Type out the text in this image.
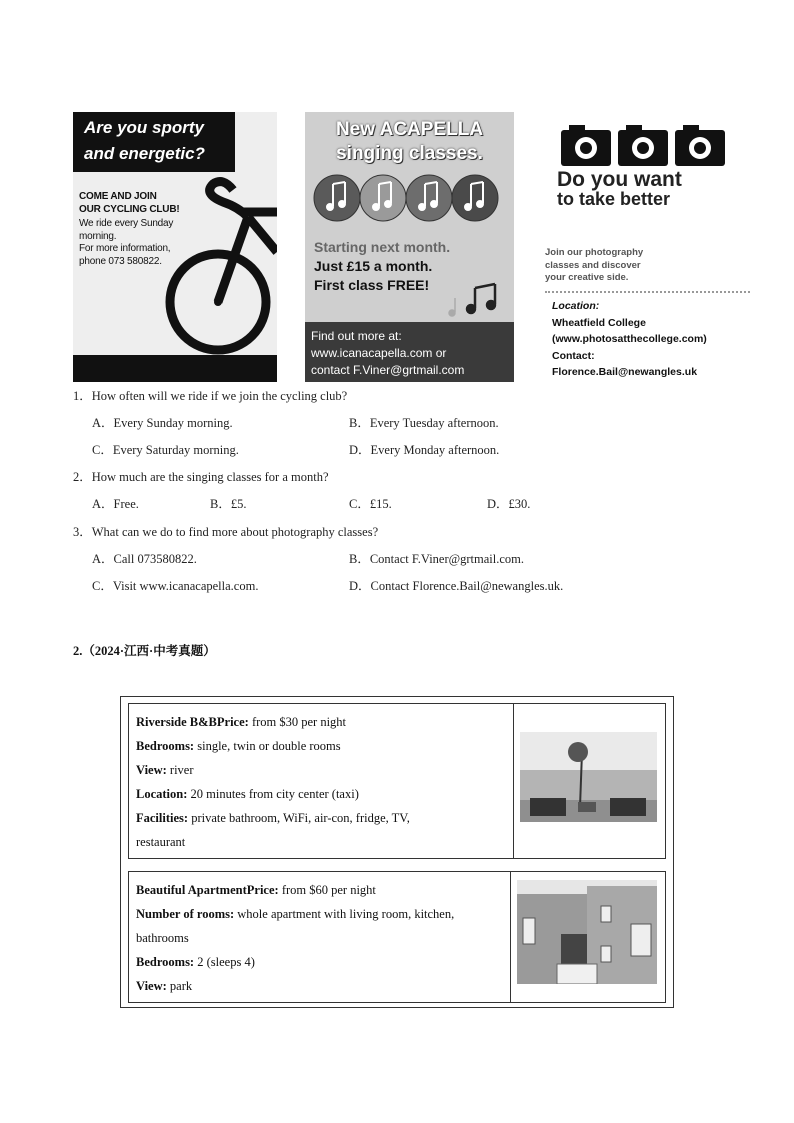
Are you sporty
and energetic?
COME AND JOIN
OUR CYCLING CLUB!
We ride every Sunday
morning.
For more information,
phone 073 580822.
New ACAPELLA
singing classes.
Starting next month.
Just £15 a month.
First class FREE!
Find out more at:
www.icanacapella.com or
contact F.Viner@grtmail.com
Do you want
to take better
Join our photography
classes and discover
your creative side.
Location:
Wheatfield College
(www.photosatthecollege.com)
Contact:
Florence.Bail@newangles.uk
1．How often will we ride if we join the cycling club?
A．Every Sunday morning.	B．Every Tuesday afternoon.
C．Every Saturday morning.	D．Every Monday afternoon.
2．How much are the singing classes for a month?
A．Free.	B．£5.	C．£15.	D．£30.
3．What can we do to find more about photography classes?
A．Call 073580822.	B．Contact F.Viner@grtmail.com.
C．Visit www.icanacapella.com.	D．Contact Florence.Bail@newangles.uk.
2.（2024·江西·中考真题）
Riverside B&BPrice: from $30 per night
Bedrooms: single, twin or double rooms
View: river
Location: 20 minutes from city center (taxi)
Facilities: private bathroom, WiFi, air-con, fridge, TV,
restaurant
Beautiful ApartmentPrice: from $60 per night
Number of rooms: whole apartment with living room, kitchen,
bathrooms
Bedrooms: 2 (sleeps 4)
View: park
